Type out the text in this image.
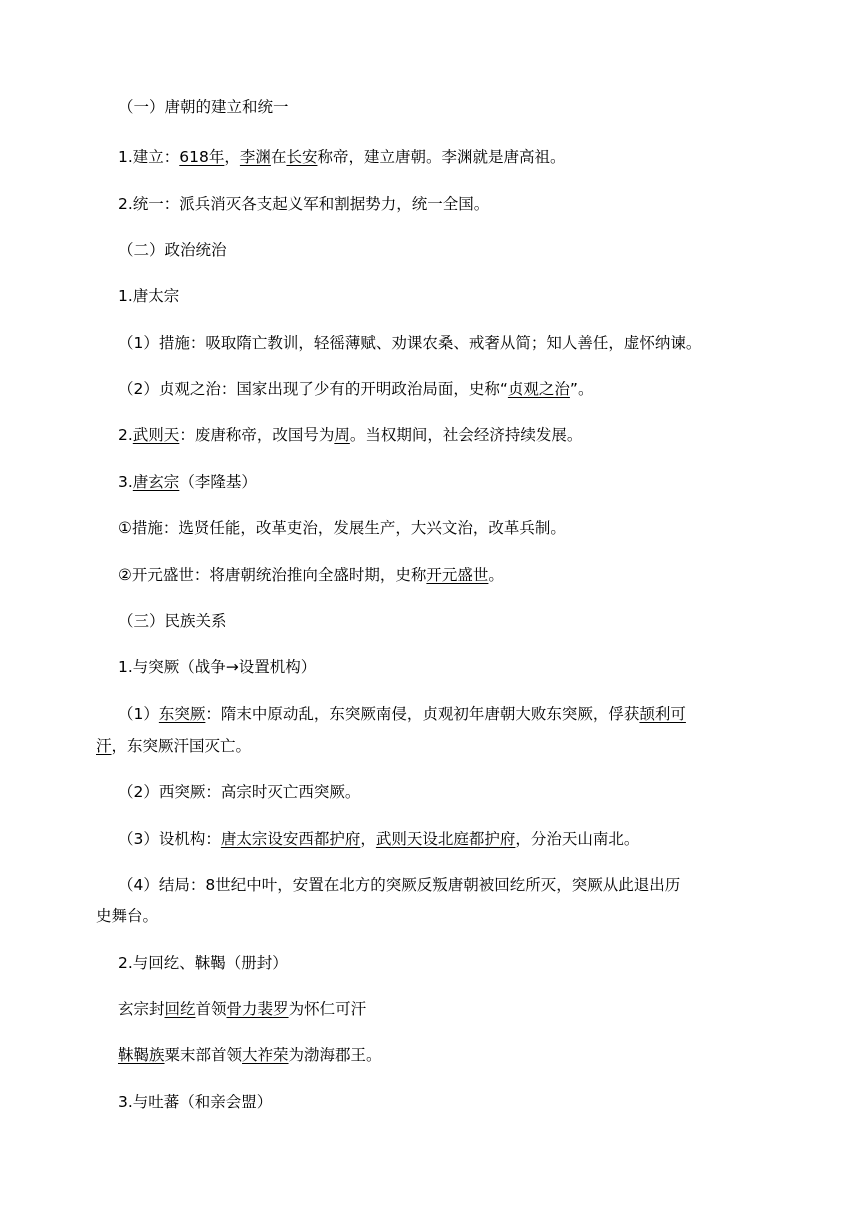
（一）唐朝的建立和统一
1.建立：618年，李渊在长安称帝，建立唐朝。李渊就是唐高祖。
2.统一：派兵消灭各支起义军和割据势力，统一全国。
（二）政治统治
1.唐太宗
（1）措施：吸取隋亡教训，轻徭薄赋、劝课农桑、戒奢从简；知人善任，虚怀纳谏。
（2）贞观之治：国家出现了少有的开明政治局面，史称“贞观之治”。
2.武则天：废唐称帝，改国号为周。当权期间，社会经济持续发展。
3.唐玄宗（李隆基）
①措施：选贤任能，改革吏治，发展生产，大兴文治，改革兵制。
②开元盛世：将唐朝统治推向全盛时期，史称开元盛世。
（三）民族关系
1.与突厥（战争→设置机构）
（1）东突厥：隋末中原动乱，东突厥南侵，贞观初年唐朝大败东突厥，俘获颉利可
汗，东突厥汗国灭亡。
（2）西突厥：高宗时灭亡西突厥。
（3）设机构：唐太宗设安西都护府，武则天设北庭都护府，分治天山南北。
（4）结局：8世纪中叶，安置在北方的突厥反叛唐朝被回纥所灭，突厥从此退出历
史舞台。
2.与回纥、靺鞨（册封）
玄宗封回纥首领骨力裴罗为怀仁可汗
靺鞨族粟末部首领大祚荣为渤海郡王。
3.与吐蕃（和亲会盟）
